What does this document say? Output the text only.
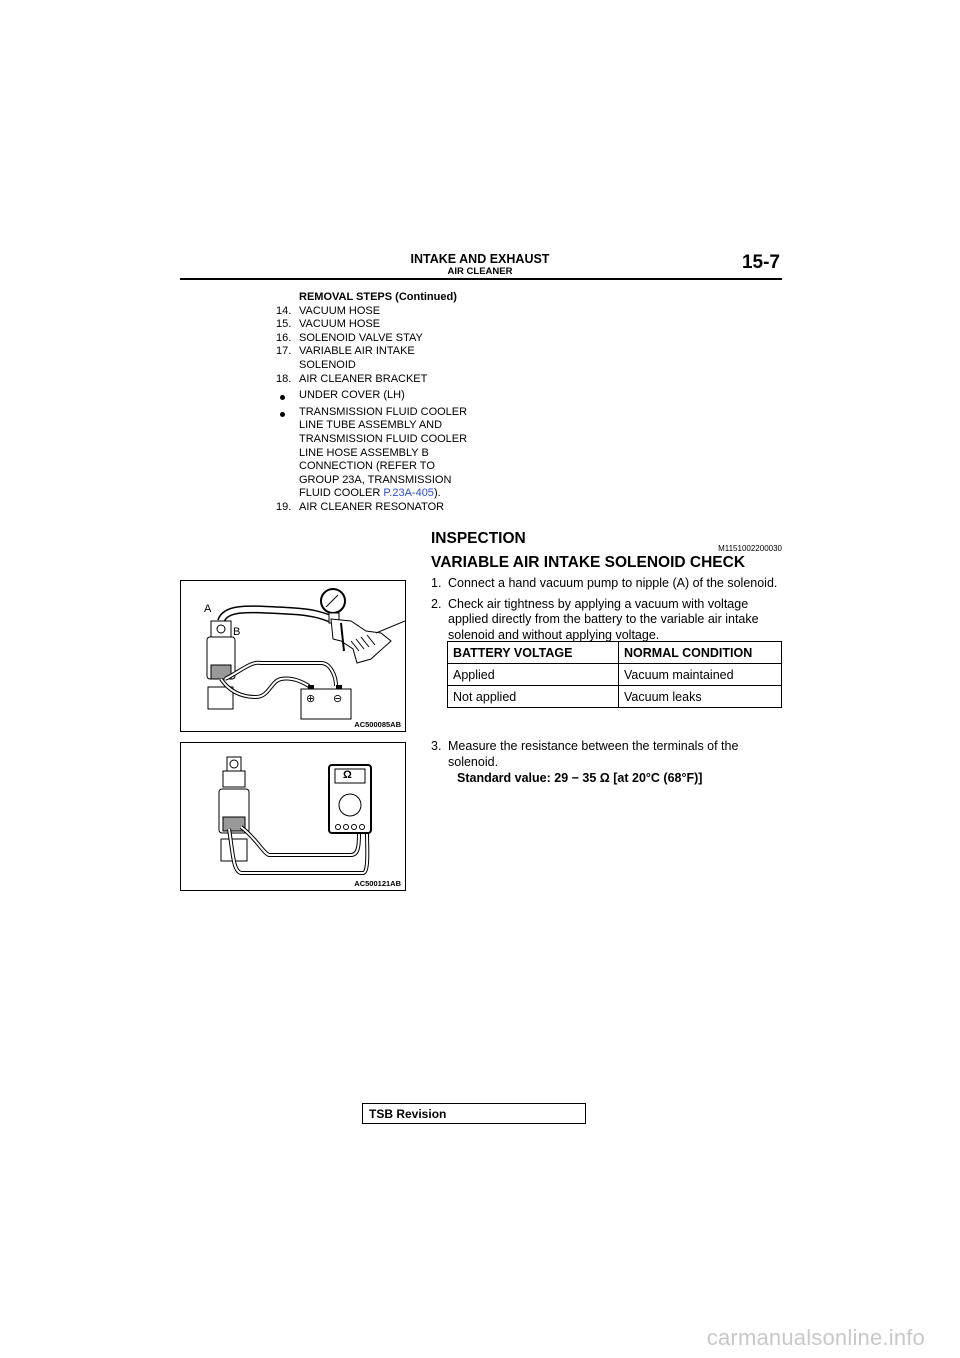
INTAKE AND EXHAUST
AIR CLEANER	15-7
REMOVAL STEPS (Continued)
14. VACUUM HOSE
15. VACUUM HOSE
16. SOLENOID VALVE STAY
17. VARIABLE AIR INTAKE
SOLENOID
18. AIR CLEANER BRACKET
UNDER COVER (LH)
TRANSMISSION FLUID COOLER
LINE TUBE ASSEMBLY AND
TRANSMISSION FLUID COOLER
LINE HOSE ASSEMBLY B
CONNECTION (REFER TO
GROUP 23A, TRANSMISSION
FLUID COOLER P.23A-405).
19. AIR CLEANER RESONATOR
INSPECTION
M1151002200030
VARIABLE AIR INTAKE SOLENOID CHECK
1. Connect a hand vacuum pump to nipple (A) of the solenoid.
2. Check air tightness by applying a vacuum with voltage applied directly from the battery to the variable air intake solenoid and without applying voltage.
BATTERY VOLTAGE	NORMAL CONDITION
Applied	Vacuum maintained
Not applied	Vacuum leaks
3. Measure the resistance between the terminals of the solenoid.
Standard value: 29 − 35 Ω [at 20°C (68°F)]
A
B
⊕ ⊖
AC500085AB
Ω
AC500121AB
TSB Revision
carmanualsonline.info
